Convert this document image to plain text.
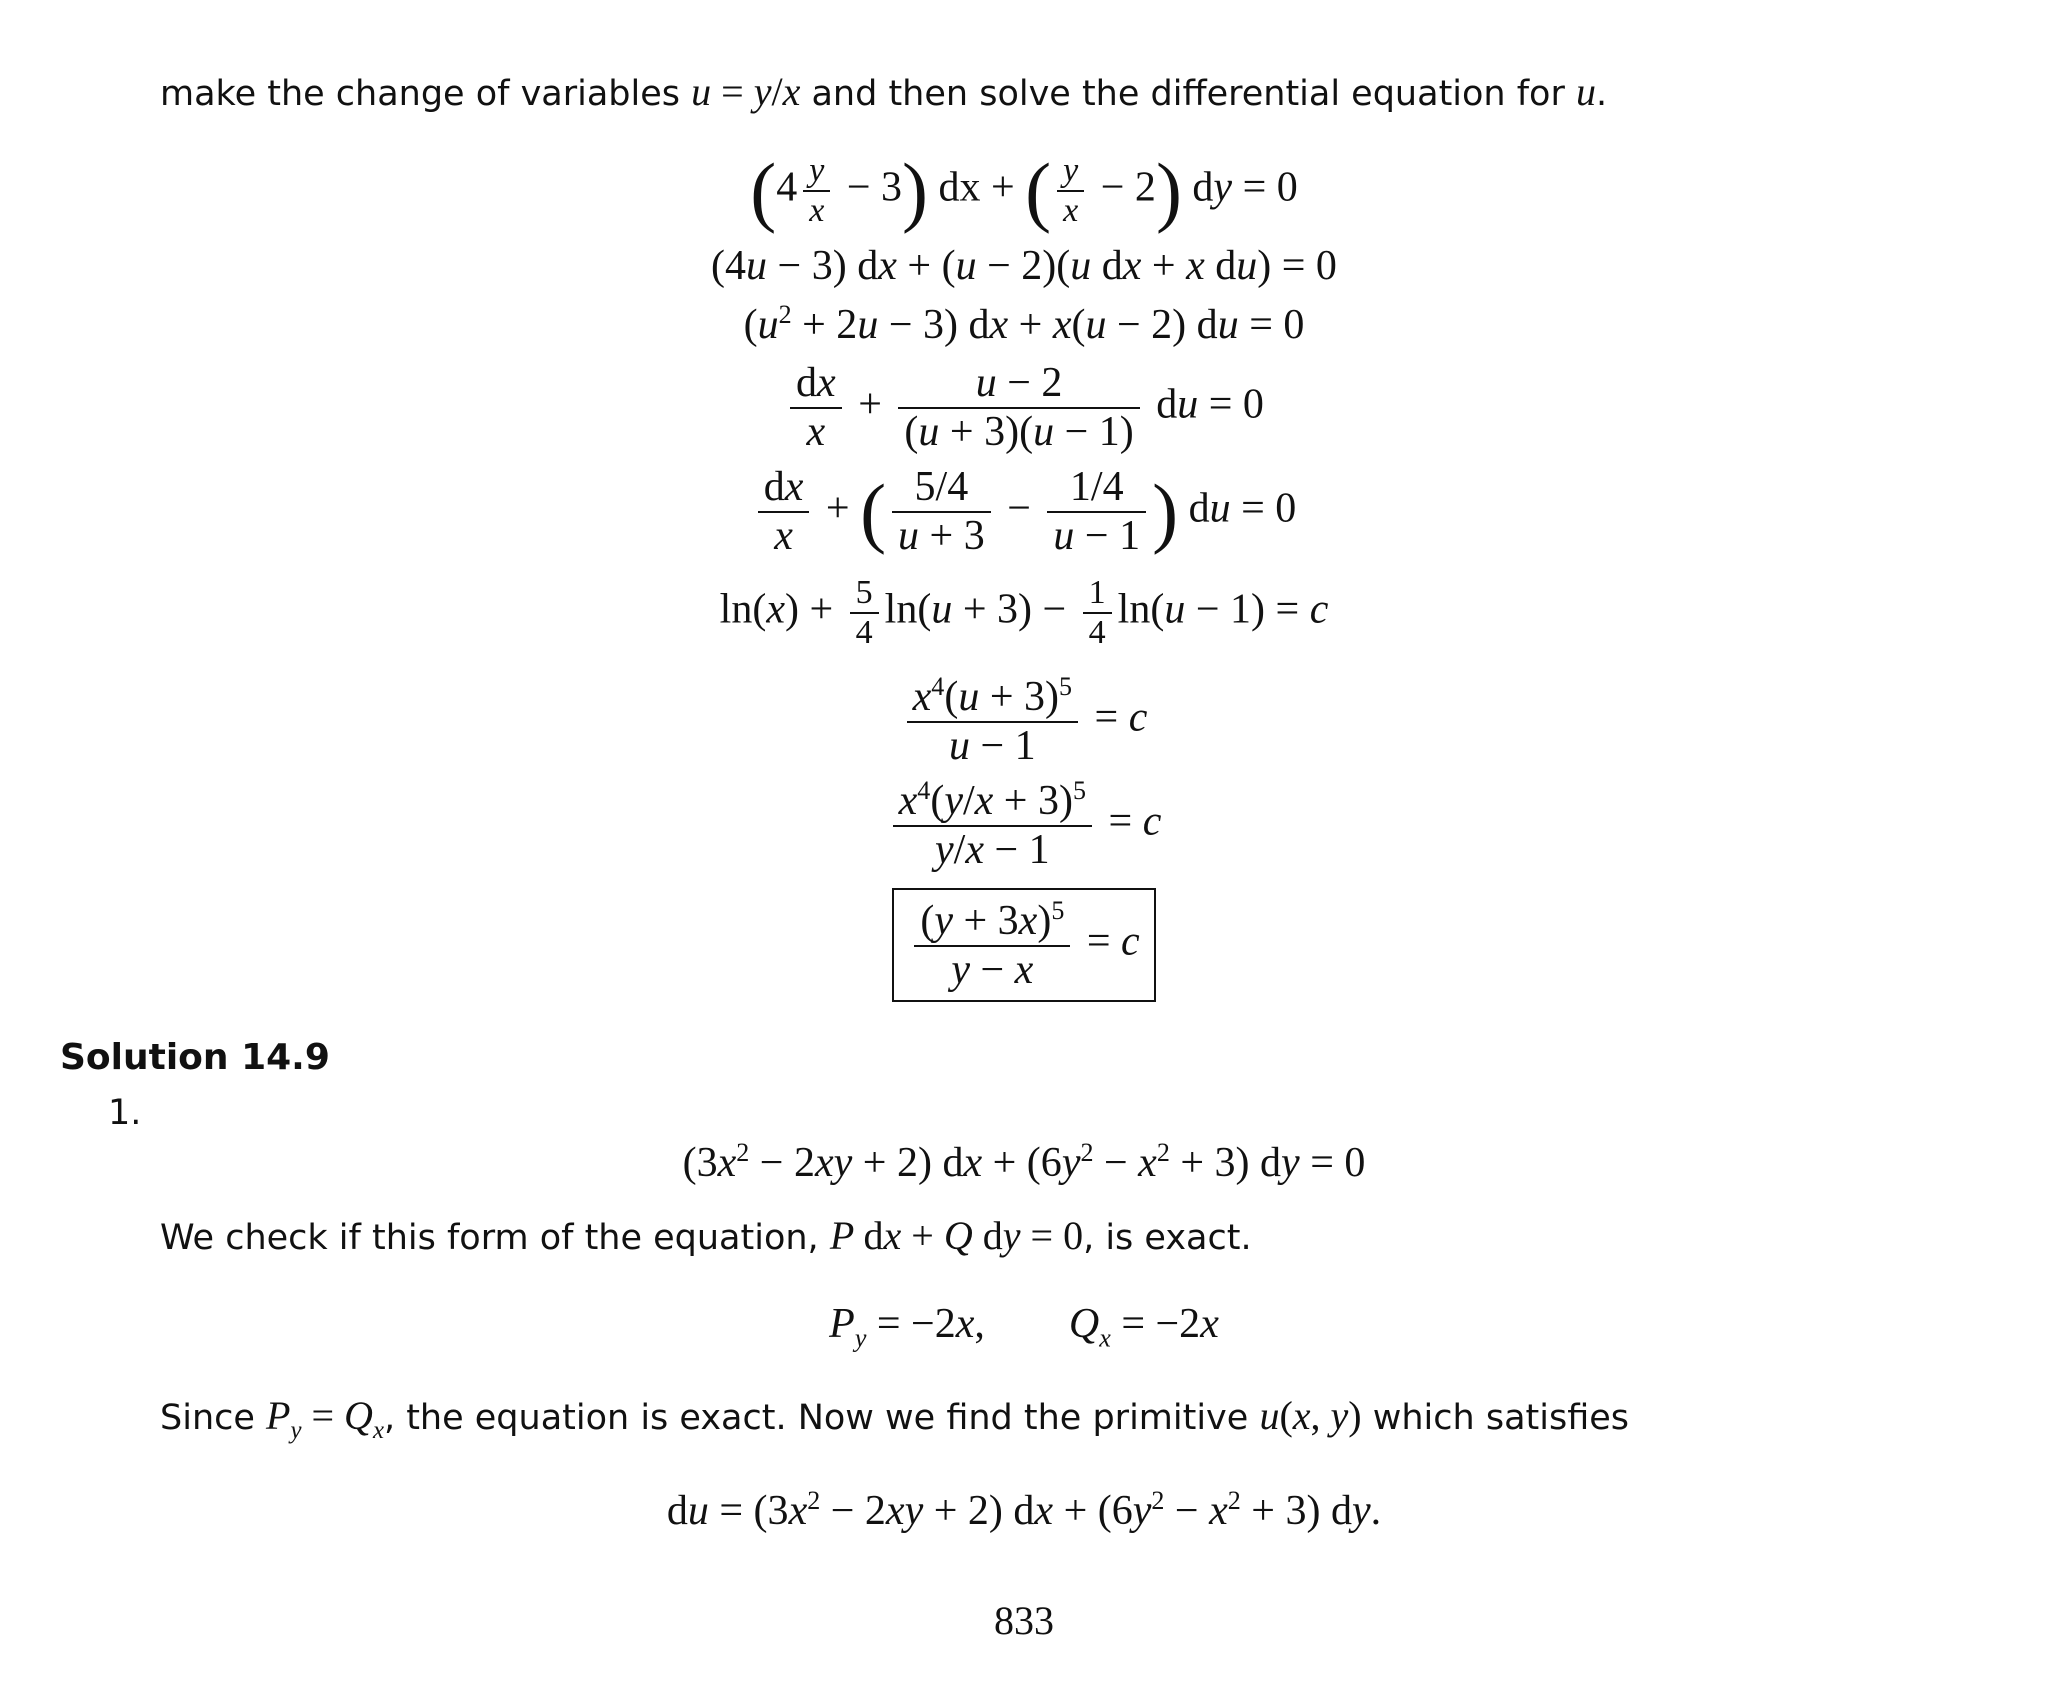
make the change of variables u = y/x and then solve the differential equation for u.
$(4 \frac{y}{x} - 3)$ dx + ( $\frac{y}{x} - 2$) dy = 0
(4u − 3) dx + (u − 2)(u dx + x du) = 0
$(u^2 + 2u - 3)$ dx + x(u − 2) du = 0
$\frac{dx}{x} + \frac{u - 2}{(u + 3)(u - 1)}$ du = 0
$\frac{dx}{x}$ + ( $\frac{5/4}{u + 3} - \frac{1/4}{u - 1}$ ) du = 0
$\ln(x) + \frac{5}{4} \ln(u + 3) - \frac{1}{4} \ln(u - 1) = c$
$\frac{x^4(u + 3)^5}{u - 1} = c$
$\frac{x^4(y/x + 3)^5}{y/x - 1} = c$
$\frac{(y + 3x)^5}{y - x} = c$
Solution 14.9
1.
$(3x^2 - 2xy + 2)$ dx + $(6y^2 - x^2 + 3)$ dy = 0
We check if this form of the equation, P dx + Q dy = 0, is exact.
$P_y = -2x$,        $Q_x = -2x$
Since $P_y = Q_x$, the equation is exact. Now we find the primitive u(x, y) which satisfies
du = $(3x^2 - 2xy + 2)$ dx + $(6y^2 - x^2 + 3)$ dy.
833
